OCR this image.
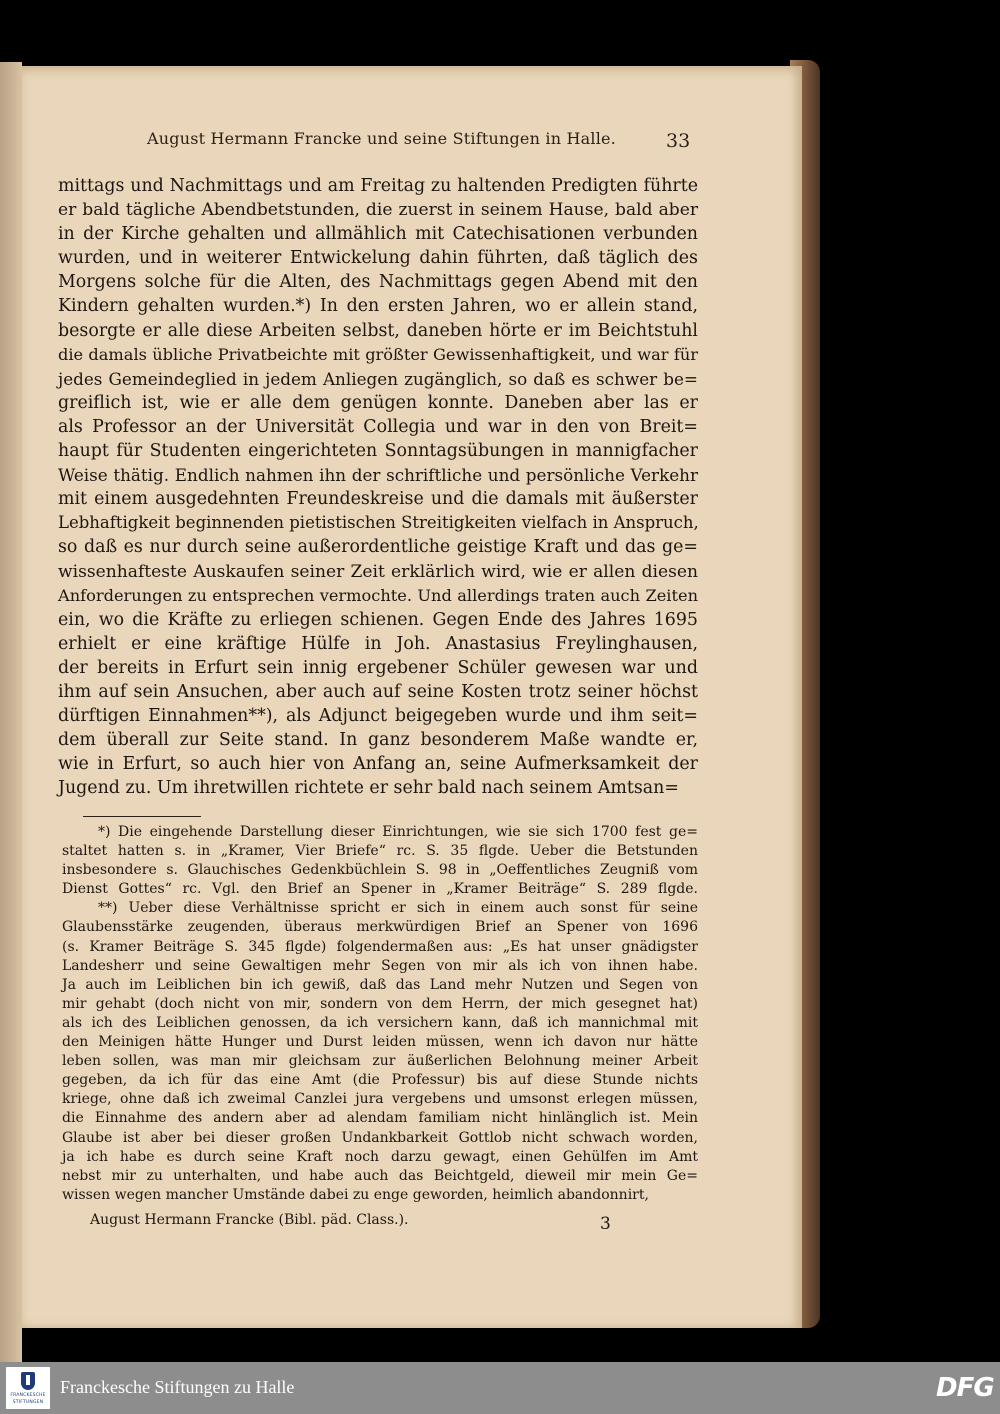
August Hermann Francke und seine Stiftungen in Halle.	33
mittags und Nachmittags und am Freitag zu haltenden Predigten führte
er bald tägliche Abendbetstunden, die zuerst in seinem Hause, bald aber
in der Kirche gehalten und allmählich mit Catechisationen verbunden
wurden, und in weiterer Entwickelung dahin führten, daß täglich des
Morgens solche für die Alten, des Nachmittags gegen Abend mit den
Kindern gehalten wurden.*) In den ersten Jahren, wo er allein stand,
besorgte er alle diese Arbeiten selbst, daneben hörte er im Beichtstuhl
die damals übliche Privatbeichte mit größter Gewissenhaftigkeit, und war für
jedes Gemeindeglied in jedem Anliegen zugänglich, so daß es schwer be=
greiflich ist, wie er alle dem genügen konnte. Daneben aber las er
als Professor an der Universität Collegia und war in den von Breit=
haupt für Studenten eingerichteten Sonntagsübungen in mannigfacher
Weise thätig. Endlich nahmen ihn der schriftliche und persönliche Verkehr
mit einem ausgedehnten Freundeskreise und die damals mit äußerster
Lebhaftigkeit beginnenden pietistischen Streitigkeiten vielfach in Anspruch,
so daß es nur durch seine außerordentliche geistige Kraft und das ge=
wissenhafteste Auskaufen seiner Zeit erklärlich wird, wie er allen diesen
Anforderungen zu entsprechen vermochte. Und allerdings traten auch Zeiten
ein, wo die Kräfte zu erliegen schienen. Gegen Ende des Jahres 1695
erhielt er eine kräftige Hülfe in Joh. Anastasius Freylinghausen,
der bereits in Erfurt sein innig ergebener Schüler gewesen war und
ihm auf sein Ansuchen, aber auch auf seine Kosten trotz seiner höchst
dürftigen Einnahmen**), als Adjunct beigegeben wurde und ihm seit=
dem überall zur Seite stand. In ganz besonderem Maße wandte er,
wie in Erfurt, so auch hier von Anfang an, seine Aufmerksamkeit der
Jugend zu. Um ihretwillen richtete er sehr bald nach seinem Amtsan=
*) Die eingehende Darstellung dieser Einrichtungen, wie sie sich 1700 fest ge=
staltet hatten s. in „Kramer, Vier Briefe“ rc. S. 35 flgde. Ueber die Betstunden
insbesondere s. Glauchisches Gedenkbüchlein S. 98 in „Oeffentliches Zeugniß vom
Dienst Gottes“ rc. Vgl. den Brief an Spener in „Kramer Beiträge“ S. 289 flgde.
**) Ueber diese Verhältnisse spricht er sich in einem auch sonst für seine
Glaubensstärke zeugenden, überaus merkwürdigen Brief an Spener von 1696
(s. Kramer Beiträge S. 345 flgde) folgendermaßen aus: „Es hat unser gnädigster
Landesherr und seine Gewaltigen mehr Segen von mir als ich von ihnen habe.
Ja auch im Leiblichen bin ich gewiß, daß das Land mehr Nutzen und Segen von
mir gehabt (doch nicht von mir, sondern von dem Herrn, der mich gesegnet hat)
als ich des Leiblichen genossen, da ich versichern kann, daß ich mannichmal mit
den Meinigen hätte Hunger und Durst leiden müssen, wenn ich davon nur hätte
leben sollen, was man mir gleichsam zur äußerlichen Belohnung meiner Arbeit
gegeben, da ich für das eine Amt (die Professur) bis auf diese Stunde nichts
kriege, ohne daß ich zweimal Canzlei jura vergebens und umsonst erlegen müssen,
die Einnahme des andern aber ad alendam familiam nicht hinlänglich ist. Mein
Glaube ist aber bei dieser großen Undankbarkeit Gottlob nicht schwach worden,
ja ich habe es durch seine Kraft noch darzu gewagt, einen Gehülfen im Amt
nebst mir zu unterhalten, und habe auch das Beichtgeld, dieweil mir mein Ge=
wissen wegen mancher Umstände dabei zu enge geworden, heimlich abandonnirt,
August Hermann Francke (Bibl. päd. Class.).	3
FRANCKESCHE
STIFTUNGEN
Franckesche Stiftungen zu Halle	DFG
